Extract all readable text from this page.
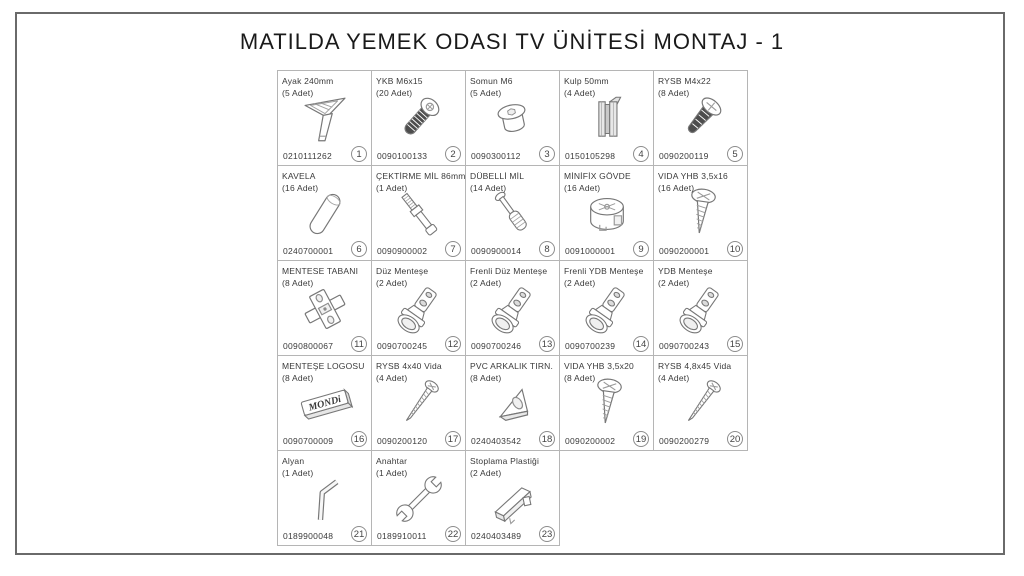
MATILDA YEMEK ODASI TV ÜNİTESİ MONTAJ - 1
Ayak 240mm
(5 Adet)
0210111262	1
YKB M6x15
(20 Adet)
0090100133	2
Somun M6
(5 Adet)
0090300112	3
Kulp 50mm
(4 Adet)
0150105298	4
RYSB M4x22
(8 Adet)
0090200119	5
KAVELA
(16 Adet)
0240700001	6
ÇEKTİRME MİL 86mm
(1 Adet)
0090900002	7
DÜBELLİ MİL
(14 Adet)
0090900014	8
MİNİFİX GÖVDE
(16 Adet)
0091000001	9
VIDA YHB 3,5x16
(16 Adet)
0090200001 10
MENTESE TABANI
(8 Adet)
0090800067	11
Düz Menteşe
(2 Adet)
0090700245 12
Frenli Düz Menteşe
(2 Adet)
0090700246 13
Frenli YDB Menteşe
(2 Adet)
0090700239 14
YDB Menteşe
(2 Adet)
0090700243 15
MENTEŞE LOGOSU
(8 Adet)
0090700009 16
RYSB 4x40 Vida
(4 Adet)
0090200120 17
PVC ARKALIK TIRN.
(8 Adet)
0240403542 18
VIDA YHB 3,5x20
(8 Adet)
0090200002 19
RYSB 4,8x45 Vida
(4 Adet)
0090200279 20
Alyan
(1 Adet)
0189900048 21
Anahtar
(1 Adet)
0189910011 22
Stoplama Plastiği
(2 Adet)
0240403489 23
